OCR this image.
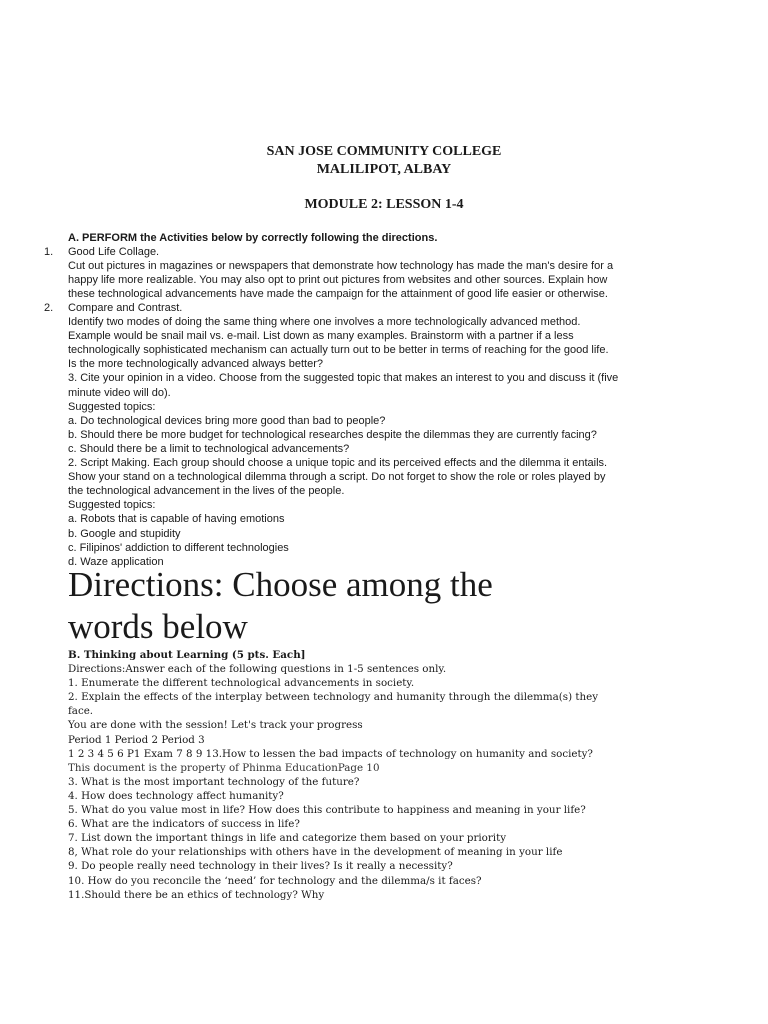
SAN JOSE COMMUNITY COLLEGE
MALILIPOT, ALBAY
MODULE 2: LESSON 1-4
A. PERFORM the Activities below by correctly following the directions.
1. Good Life Collage.
Cut out pictures in magazines or newspapers that demonstrate how technology has made the man's desire for a
happy life more realizable. You may also opt to print out pictures from websites and other sources. Explain how
these technological advancements have made the campaign for the attainment of good life easier or otherwise.
2. Compare and Contrast.
Identify two modes of doing the same thing where one involves a more technologically advanced method.
Example would be snail mail vs. e-mail. List down as many examples. Brainstorm with a partner if a less
technologically sophisticated mechanism can actually turn out to be better in terms of reaching for the good life.
Is the more technologically advanced always better?
3. Cite your opinion in a video. Choose from the suggested topic that makes an interest to you and discuss it (five
minute video will do).
Suggested topics:
a. Do technological devices bring more good than bad to people?
b. Should there be more budget for technological researches despite the dilemmas they are currently facing?
c. Should there be a limit to technological advancements?
2. Script Making. Each group should choose a unique topic and its perceived effects and the dilemma it entails.
Show your stand on a technological dilemma through a script. Do not forget to show the role or roles played by
the technological advancement in the lives of the people.
Suggested topics:
a. Robots that is capable of having emotions
b. Google and stupidity
c. Filipinos' addiction to different technologies
d. Waze application
Directions: Choose among the
words below
B. Thinking about Learning (5 pts. Each]
Directions:Answer each of the following questions in 1-5 sentences only.
1. Enumerate the different technological advancements in society.
2. Explain the effects of the interplay between technology and humanity through the dilemma(s) they
face.
You are done with the session! Let's track your progress
Period 1 Period 2 Period 3
1 2 3 4 5 6 P1 Exam 7 8 9 13.How to lessen the bad impacts of technology on humanity and society?
This document is the property of Phinma EducationPage 10
3. What is the most important technology of the future?
4. How does technology affect humanity?
5. What do you value most in life? How does this contribute to happiness and meaning in your life?
6. What are the indicators of success in life?
7. List down the important things in life and categorize them based on your priority
8, What role do your relationships with others have in the development of meaning in your life
9. Do people really need technology in their lives? Is it really a necessity?
10. How do you reconcile the ‘need’ for technology and the dilemma/s it faces?
11.Should there be an ethics of technology? Why
